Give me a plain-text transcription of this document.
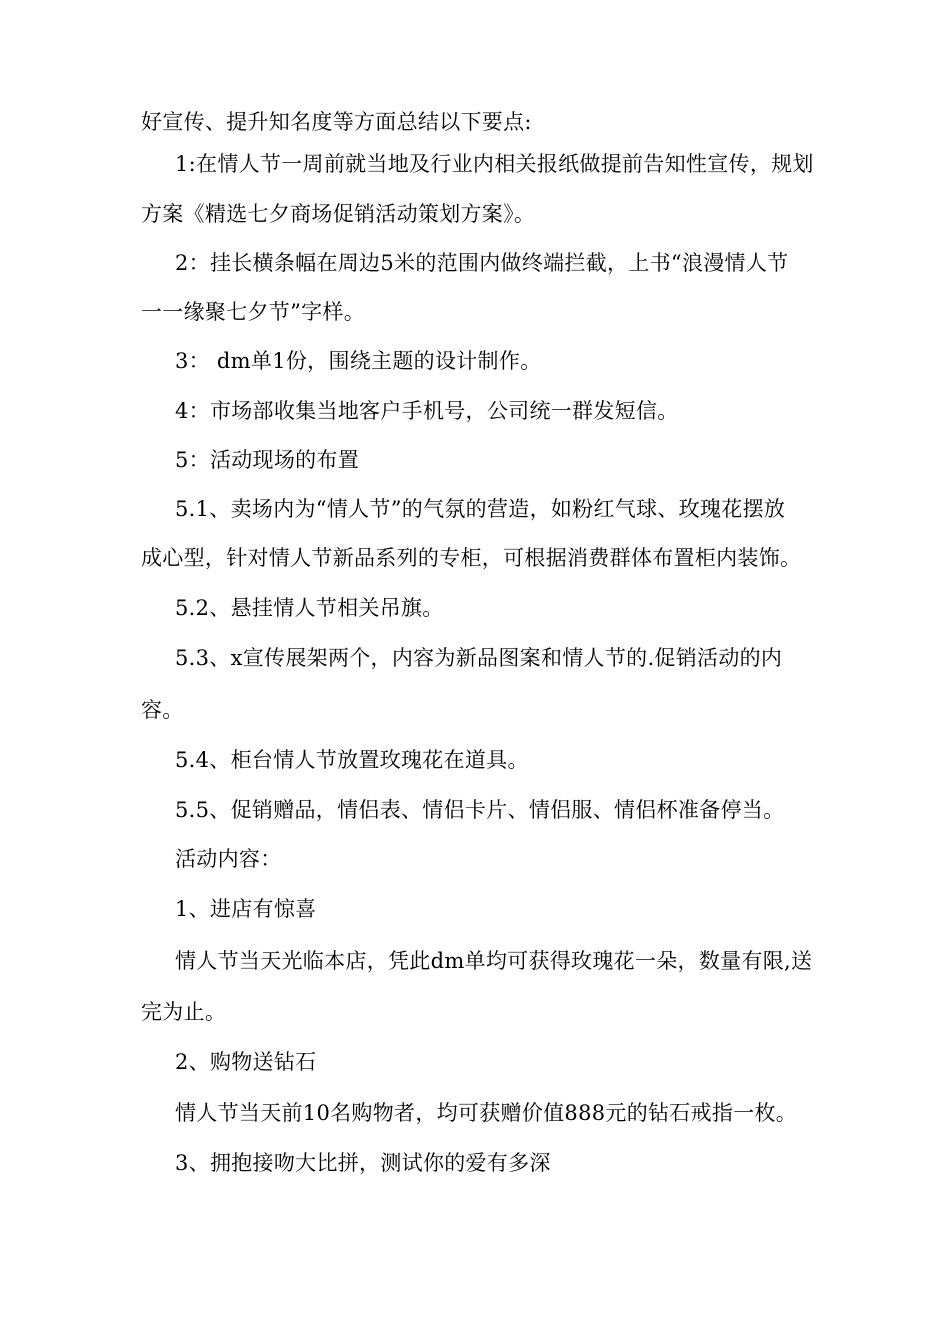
好宣传、提升知名度等方面总结以下要点:
1:在情人节一周前就当地及行业内相关报纸做提前告知性宣传，规划
方案《精选七夕商场促销活动策划方案》。
2：挂长横条幅在周边5米的范围内做终端拦截，上书“浪漫情人节
一一缘聚七夕节”字样。
3： dm单1份，围绕主题的设计制作。
4：市场部收集当地客户手机号，公司统一群发短信。
5：活动现场的布置
5.1、卖场内为“情人节”的气氛的营造，如粉红气球、玫瑰花摆放
成心型，针对情人节新品系列的专柜，可根据消费群体布置柜内装饰。
5.2、悬挂情人节相关吊旗。
5.3、x宣传展架两个，内容为新品图案和情人节的.促销活动的内
容。
5.4、柜台情人节放置玫瑰花在道具。
5.5、促销赠品，情侣表、情侣卡片、情侣服、情侣杯准备停当。
活动内容：
1、进店有惊喜
情人节当天光临本店，凭此dm单均可获得玫瑰花一朵，数量有限,送
完为止。
2、购物送钻石
情人节当天前10名购物者，均可获赠价值888元的钻石戒指一枚。
3、拥抱接吻大比拼，测试你的爱有多深
